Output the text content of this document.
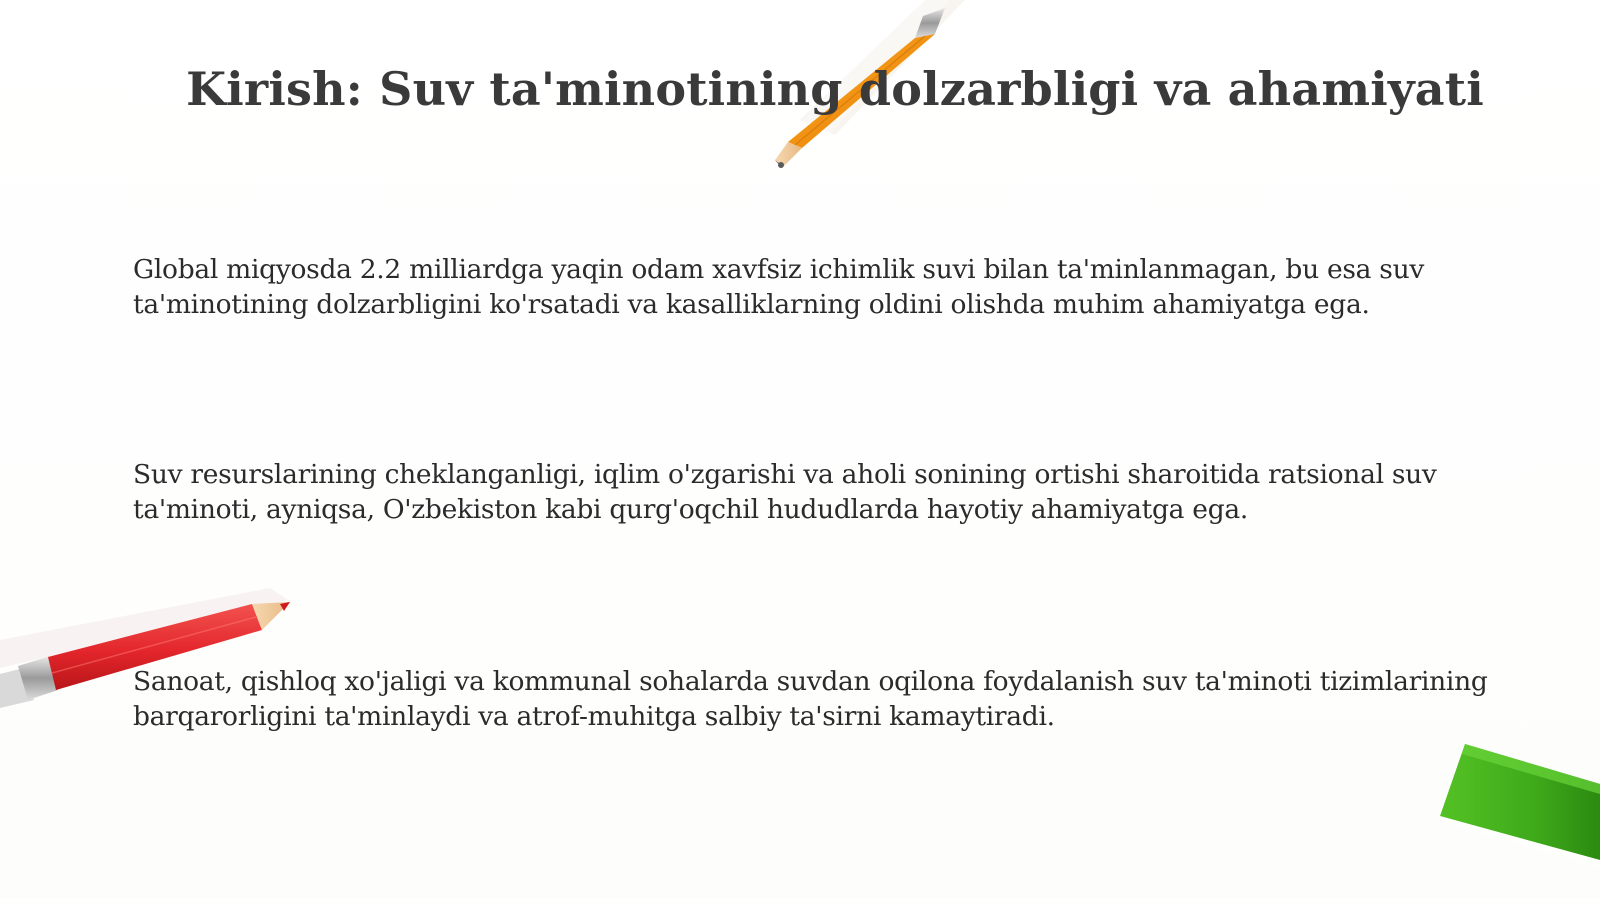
Kirish: Suv ta'minotining dolzarbligi va ahamiyati

Global miqyosda 2.2 milliardga yaqin odam xavfsiz ichimlik suvi bilan ta'minlanmagan, bu esa suv ta'minotining dolzarbligini ko'rsatadi va kasalliklarning oldini olishda muhim ahamiyatga ega.

Suv resurslarining cheklanganligi, iqlim o'zgarishi va aholi sonining ortishi sharoitida ratsional suv ta'minoti, ayniqsa, O'zbekiston kabi qurg'oqchil hududlarda hayotiy ahamiyatga ega.

Sanoat, qishloq xo'jaligi va kommunal sohalarda suvdan oqilona foydalanish suv ta'minoti tizimlarining barqarorligini ta'minlaydi va atrof-muhitga salbiy ta'sirni kamaytiradi.
